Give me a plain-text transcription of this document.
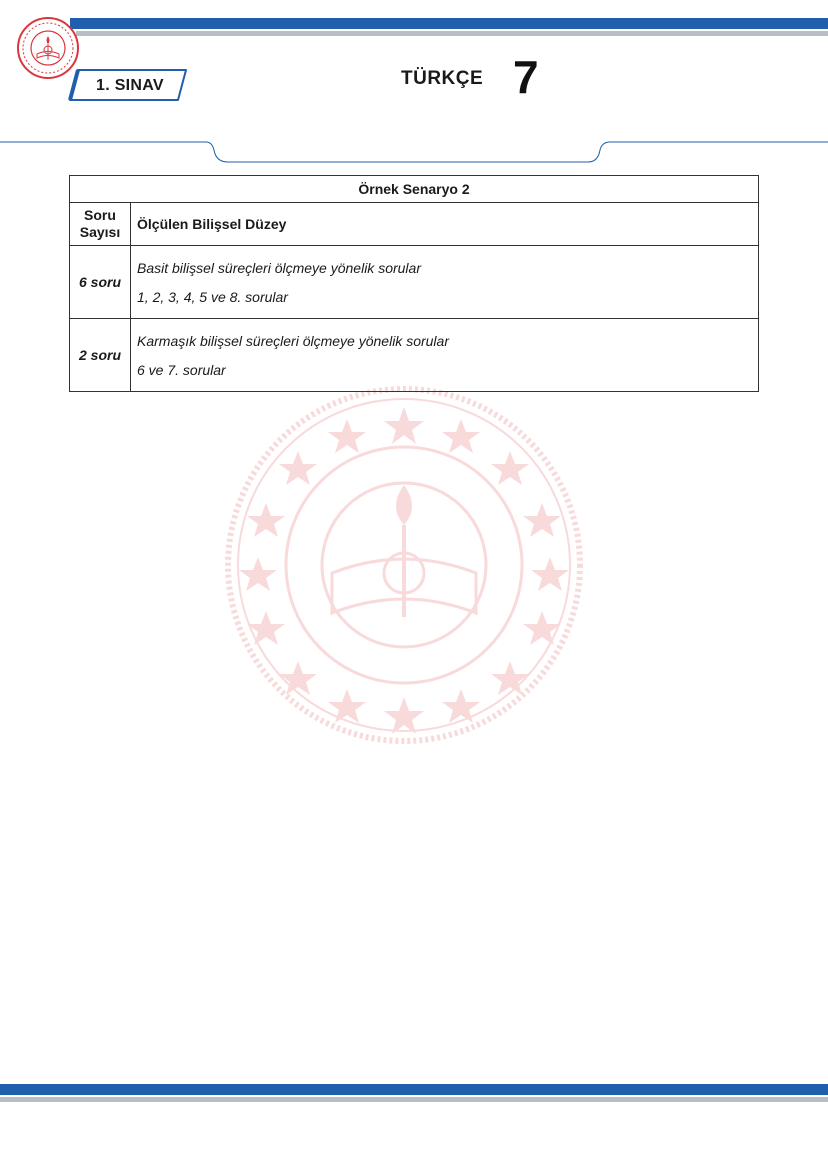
1. SINAV	TÜRKÇE 7
Örnek Senaryo 2	
Soru
Sayısı	Ölçülen Bilişsel Düzey
6 soru	Basit bilişsel süreçleri ölçmeye yönelik sorular
1, 2, 3, 4, 5 ve 8. sorular

2 soru	Karmaşık bilişsel süreçleri ölçmeye yönelik sorular
6 ve 7. sorular
